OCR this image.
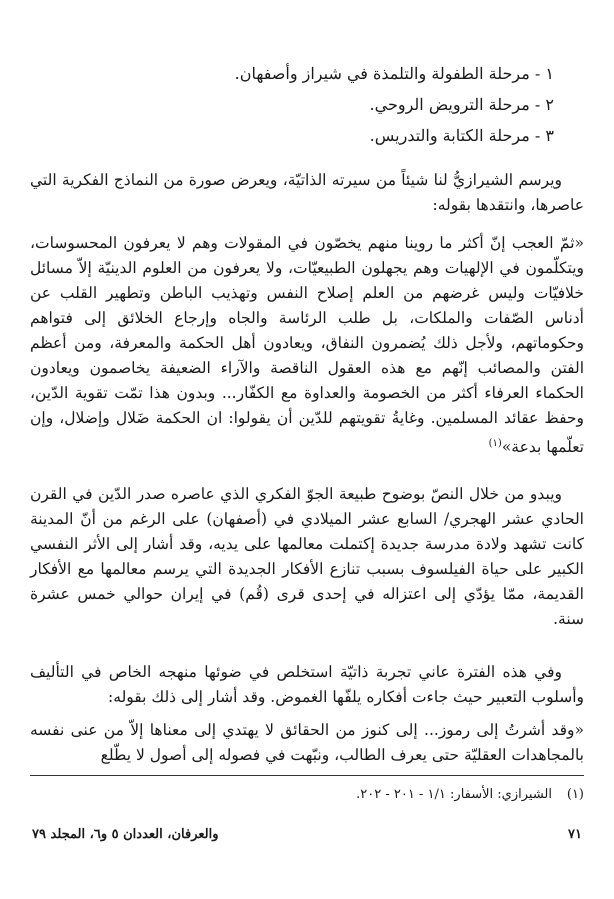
١ - مرحلة الطفولة والتلمذة في شيراز وأصفهان.
٢ - مرحلة الترويض الروحي.
٣ - مرحلة الكتابة والتدريس.

ويرسم الشيرازيُّ لنا شيئاً من سيرته الذاتيّة، ويعرض صورة من النماذج الفكرية التي عاصرها، وانتقدها بقوله:

«ثمّ العجب إنّ أكثر ما روينا منهم يخصّون في المقولات وهم لا يعرفون المحسوسات، ويتكلّمون في الإلهيات وهم يجهلون الطبيعيّات، ولا يعرفون من العلوم الدينيّة إلاّ مسائل خلافيّات وليس غرضهم من العلم إصلاح النفس وتهذيب الباطن وتطهير القلب عن أدناس الصّفات والملكات، بل طلب الرئاسة والجاه وإرجاع الخلائق إلى فتواهم وحكوماتهم، ولأجل ذلك يُضمرون النفاق، ويعادون أهل الحكمة والمعرفة، ومن أعظم الفتن والمصائب إنّهم مع هذه العقول الناقصة والآراء الضعيفة يخاصمون ويعادون الحكماء العرفاء أكثر من الخصومة والعداوة مع الكفّار... وبدون هذا تمّت تقوية الدّين، وحفظ عقائد المسلمين. وغايةُ تقويتهم للدّين أن يقولوا: ان الحكمة ضَلال وإضلال، وإن تعلّمها بدعة»$^{(١)}$

ويبدو من خلال النصّ بوضوح طبيعة الجوّ الفكري الذي عاصره صدر الدّين في القرن الحادي عشر الهجري/ السابع عشر الميلادي في (أصفهان) على الرغم من أنّ المدينة كانت تشهد ولادة مدرسة جديدة إكتملت معالمها على يديه، وقد أشار إلى الأثر النفسي الكبير على حياة الفيلسوف بسبب تنازع الأفكار الجديدة التي يرسم معالمها مع الأفكار القديمة، ممّا يؤدّي إلى اعتزاله في إحدى قرى (قُم) في إيران حوالي خمس عشرة سنة.

وفي هذه الفترة عاني تجربة ذاتيّة استخلص في ضوئها منهجه الخاص في التأليف وأسلوب التعبير حيث جاءت أفكاره يلفّها الغموض. وقد أشار إلى ذلك بقوله:

«وقد أشرتُ إلى رموز... إلى كنوز من الحقائق لا يهتدي إلى معناها إلاّ من عنى نفسه بالمجاهدات العقليّة حتى يعرف الطالب، ونبّهت في فصوله إلى أصول لا يطّلع

(١)الشيرازي: الأسفار: ١/١ - ٢٠١ - ٢٠٢.

٧١
والعرفان، العددان ٥ و٦، المجلد ٧٩
